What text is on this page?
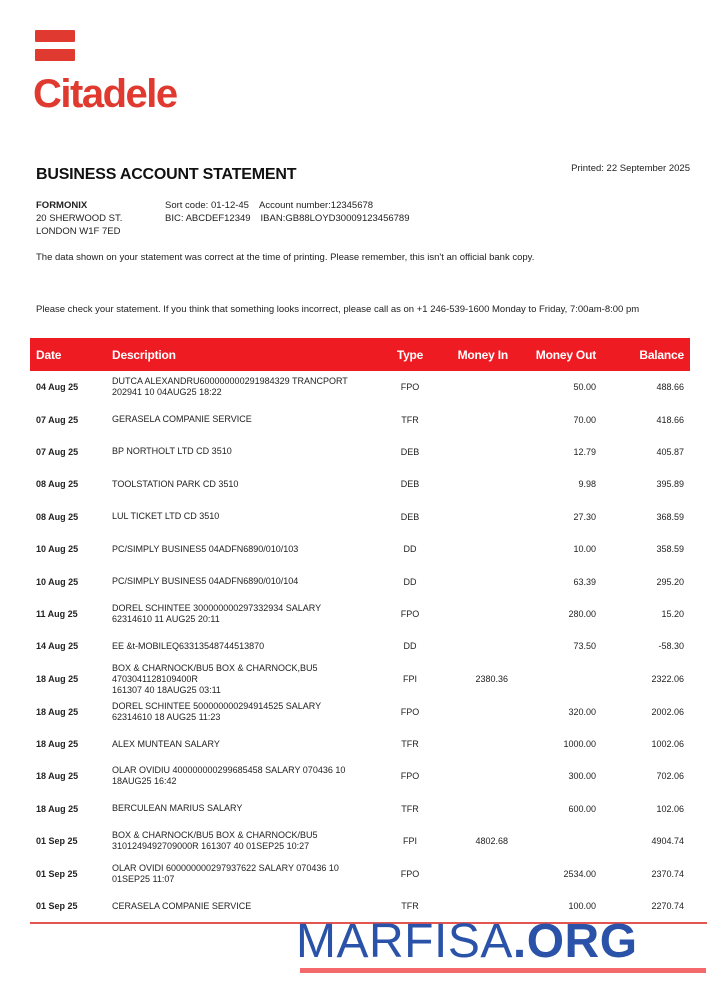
Citadele
BUSINESS ACCOUNT STATEMENT	Printed: 22 September 2025
FORMONIX
20 SHERWOOD ST.
LONDON W1F 7ED
Sort code: 01-12-45 Account number:12345678
BIC: ABCDEF12349 IBAN:GB88LOYD30009123456789

The data shown on your statement was correct at the time of printing. Please remember, this isn't an official bank copy.

Please check your statement. If you think that something looks incorrect, please call as on +1 246-539-1600 Monday to Friday, 7:00am-8:00 pm

Date	Description	Type	Money In	Money Out	Balance
04 Aug 25	DUTCA ALEXANDRU600000000291984329 TRANCPORT
202941 10 04AUG25 18:22	FPO		50.00	488.66
07 Aug 25	GERASELA COMPANIE SERVICE	TFR		70.00	418.66
07 Aug 25	BP NORTHOLT LTD CD 3510	DEB		12.79	405.87
08 Aug 25	TOOLSTATION PARK CD 3510	DEB		9.98	395.89
08 Aug 25	LUL TICKET LTD CD 3510	DEB		27.30	368.59
10 Aug 25	PC/SIMPLY BUSINES5 04ADFN6890/010/103	DD		10.00	358.59
10 Aug 25	PC/SIMPLY BUSINES5 04ADFN6890/010/104	DD		63.39	295.20
11 Aug 25	DOREL SCHINTEE 300000000297332934 SALARY
62314610 11 AUG25 20:11	FPO		280.00	15.20
14 Aug 25	EE &t-MOBILEQ63313548744513870	DD		73.50	-58.30
18 Aug 25	BOX & CHARNOCK/BU5 BOX & CHARNOCK,BU5 4703041128109400R
161307 40 18AUG25 03:11	FPI	2380.36		2322.06
18 Aug 25	DOREL SCHINTEE 500000000294914525 SALARY
62314610 18 AUG25 11:23	FPO		320.00	2002.06
18 Aug 25	ALEX MUNTEAN SALARY	TFR		1000.00	1002.06
18 Aug 25	OLAR OVIDIU 400000000299685458 SALARY 070436 10
18AUG25 16:42	FPO		300.00	702.06
18 Aug 25	BERCULEAN MARIUS SALARY	TFR		600.00	102.06
01 Sep 25	BOX & CHARNOCK/BU5 BOX & CHARNOCK/BU5
3101249492709000R 161307 40 01SEP25 10:27	FPI	4802.68		4904.74
01 Sep 25	OLAR OVIDI 600000000297937622 SALARY 070436 10
01SEP25 11:07	FPO		2534.00	2370.74
01 Sep 25	CERASELA COMPANIE SERVICE	TFR		100.00	2270.74
MARFISA.ORG
